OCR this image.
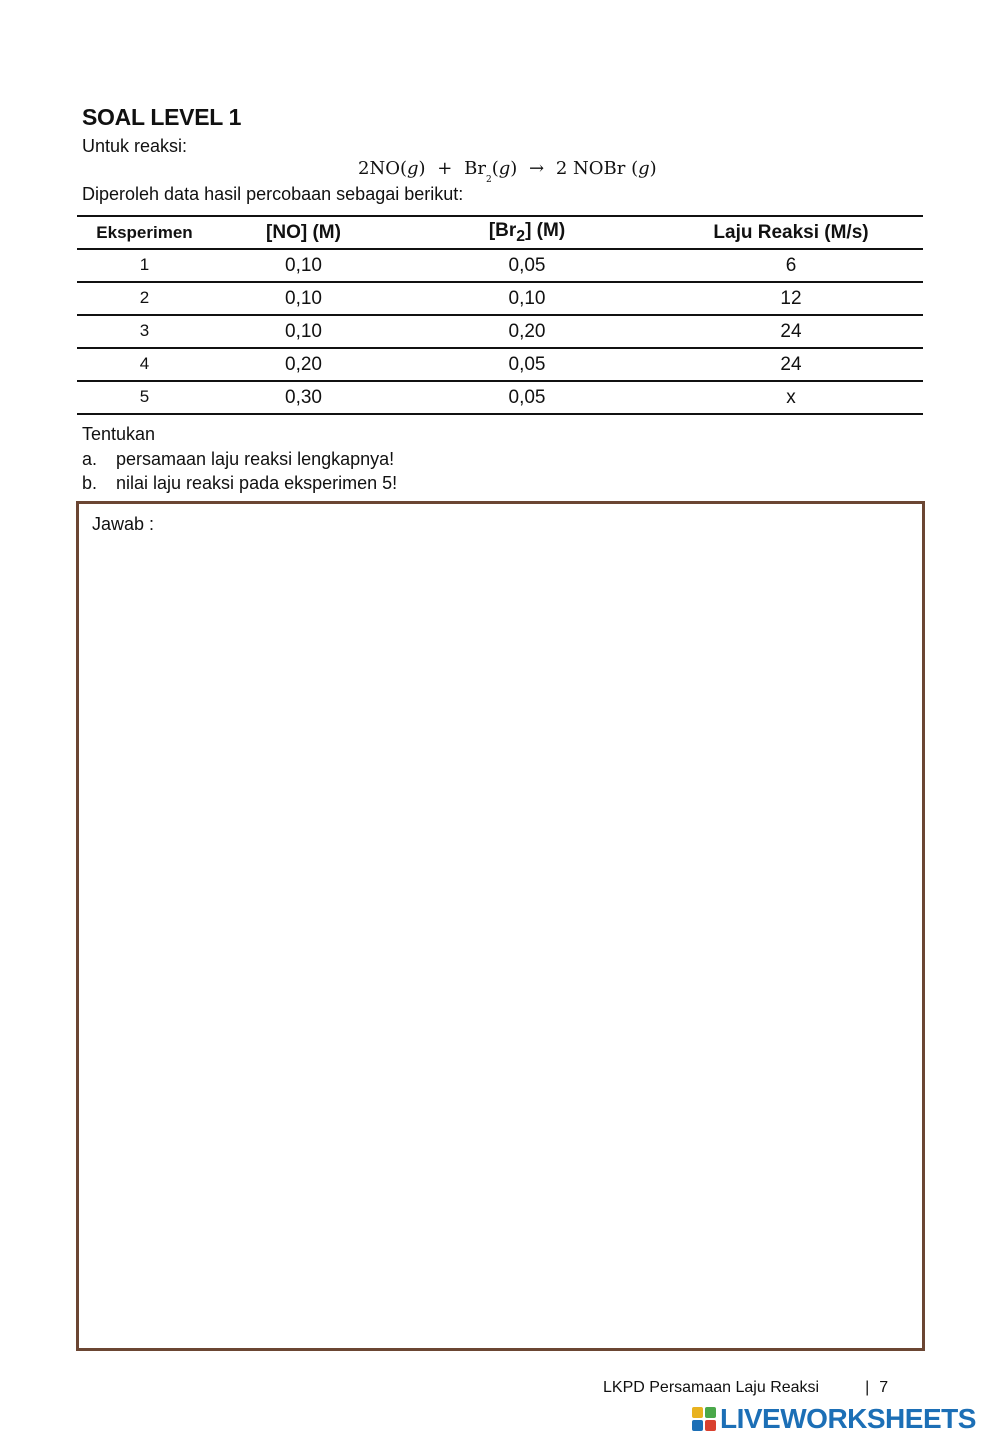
SOAL LEVEL 1
Untuk reaksi:
$2NO(g) + Br_2(g) \to 2$ NOBr (g)
Diperoleh data hasil percobaan sebagai berikut:
Eksperimen	[NO] (M)	$[Br_2]$ (M)	Laju Reaksi (M/s)
1	0,10	0,05	6
2	0,10	0,10	12
3	0,10	0,20	24
4	0,20	0,05	24
5	0,30	0,05	x
Tentukan
a. persamaan laju reaksi lengkapnya!
b. nilai laju reaksi pada eksperimen 5!
Jawab :
LKPD Persamaan Laju Reaksi	| 7
LIVEWORKSHEETS
